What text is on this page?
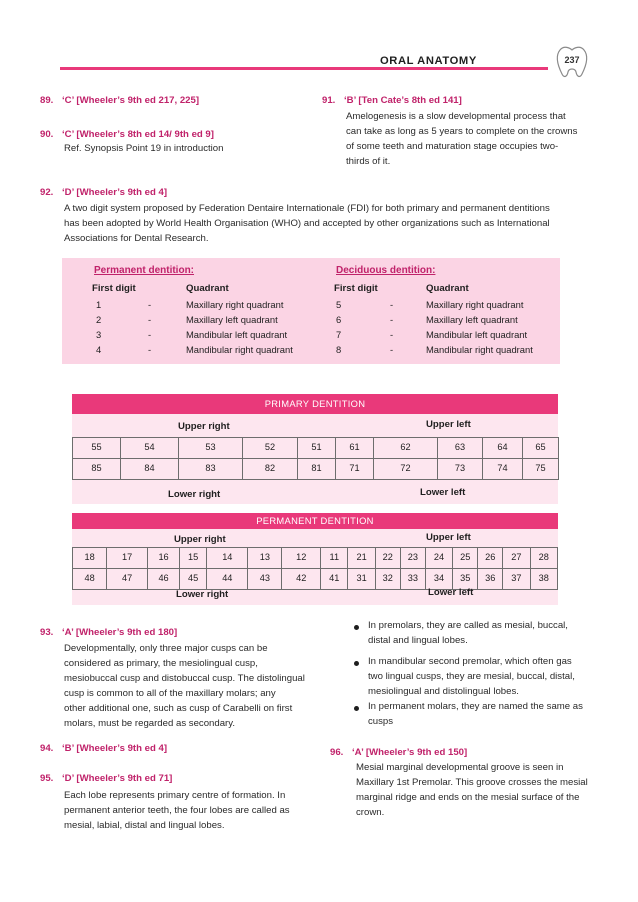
ORAL ANATOMY	237
89. ‘C’ [Wheeler’s 9th ed 217, 225]
90. ‘C’ [Wheeler’s 8th ed 14/ 9th ed 9]
Ref. Synopsis Point 19 in introduction
91. ‘B’ [Ten Cate’s 8th ed 141]
Amelogenesis is a slow developmental process that
can take as long as 5 years to complete on the crowns
of some teeth and maturation stage occupies two-
thirds of it.
92. ‘D’ [Wheeler’s 9th ed 4]
A two digit system proposed by Federation Dentaire Internationale (FDI) for both primary and permanent dentitions
has been adopted by World Health Organisation (WHO) and accepted by other organizations such as International
Associations for Dental Research.
Permanent dentition:
First digit	Quadrant
1	-	Maxillary right quadrant
2	-	Maxillary left quadrant
3	-	Mandibular left quadrant
4	-	Mandibular right quadrant
Deciduous dentition:
First digit	Quadrant
5	-	Maxillary right quadrant
6	-	Maxillary left quadrant
7	-	Mandibular left quadrant
8	-	Mandibular right quadrant
PRIMARY DENTITION
Upper right	Upper left
55	54	53	52	51	61	62	63	64	65
85	84	83	82	81	71	72	73	74	75
Lower right	Lower left
PERMANENT DENTITION
Upper right	Upper left
18	17	16	15	14	13	12	11	21	22	23	24	25	26	27	28
48	47	46	45	44	43	42	41	31	32	33	34	35	36	37	38
Lower right	Lower left
93. ‘A’ [Wheeler’s 9th ed 180]
Developmentally, only three major cusps can be
considered as primary, the mesiolingual cusp,
mesiobuccal cusp and distobuccal cusp. The distolingual
cusp is common to all of the maxillary molars; any
other additional one, such as cusp of Carabelli on first
molars, must be regarded as secondary.
94. ‘B’ [Wheeler’s 9th ed 4]
95. ‘D’ [Wheeler’s 9th ed 71]
Each lobe represents primary centre of formation. In
permanent anterior teeth, the four lobes are called as
mesial, labial, distal and lingual lobes.
In premolars, they are called as mesial, buccal,
distal and lingual lobes.
In mandibular second premolar, which often gas
two lingual cusps, they are mesial, buccal, distal,
mesiolingual and distolingual lobes.
In permanent molars, they are named the same as
cusps
96. ‘A’ [Wheeler’s 9th ed 150]
Mesial marginal developmental groove is seen in
Maxillary 1st Premolar. This groove crosses the mesial
marginal ridge and ends on the mesial surface of the
crown.
